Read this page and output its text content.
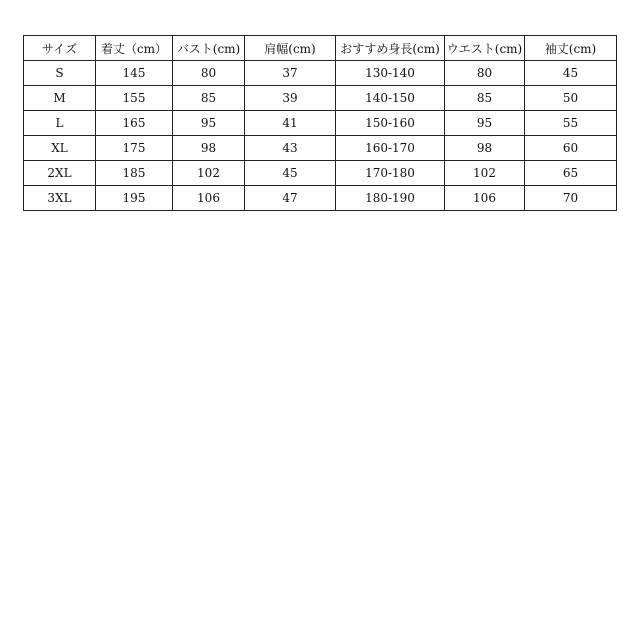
サイズ	着丈（cm）	バスト(cm)	肩幅(cm)	おすすめ身長(cm)	ウエスト(cm)	袖丈(cm)
S	145	80	37	130-140	80	45
M	155	85	39	140-150	85	50
L	165	95	41	150-160	95	55
XL	175	98	43	160-170	98	60
2XL	185	102	45	170-180	102	65
3XL	195	106	47	180-190	106	70
